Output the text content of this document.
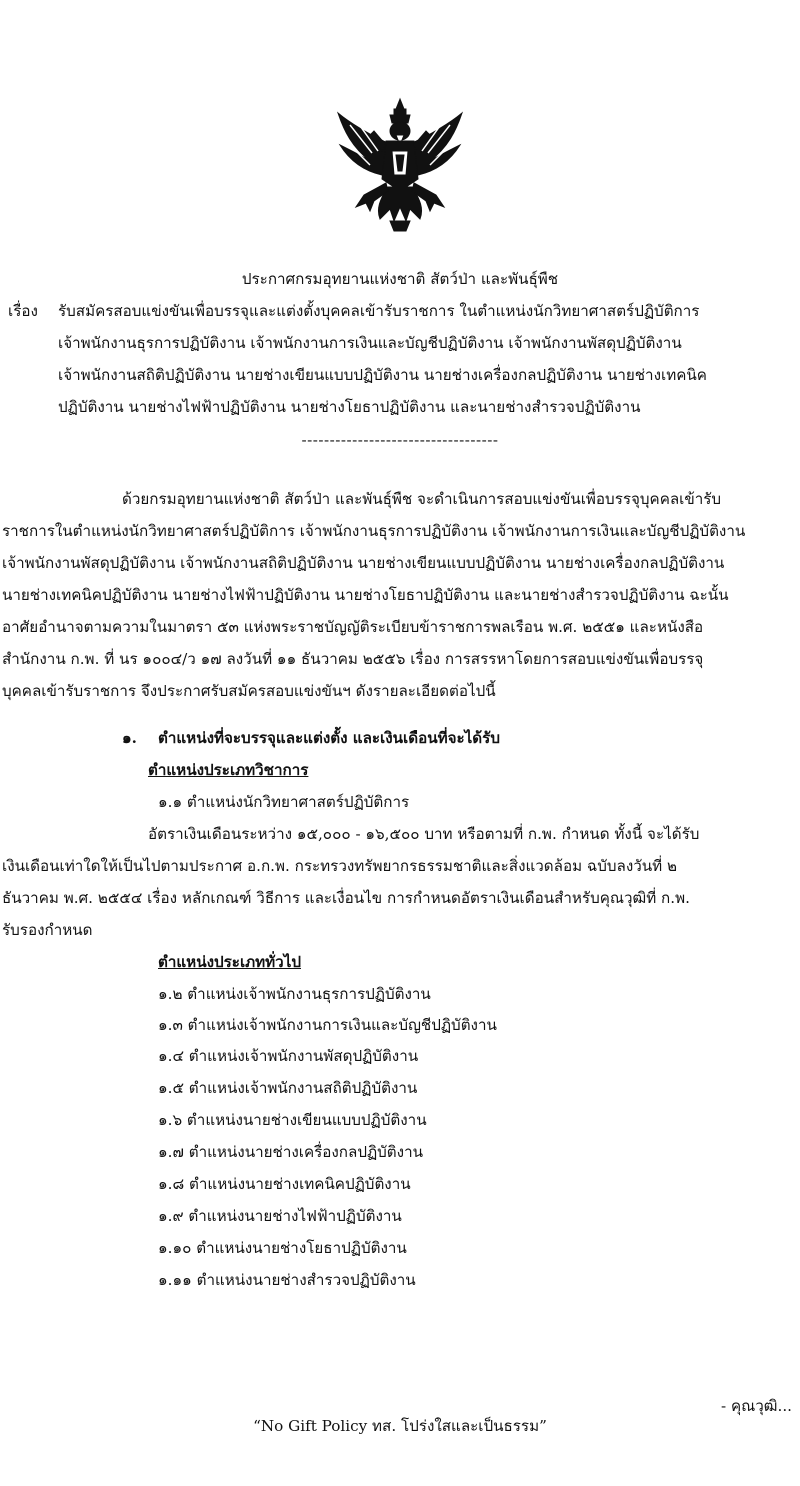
ประกาศกรมอุทยานแห่งชาติ สัตว์ป่า และพันธุ์พืช
เรื่อง รับสมัครสอบแข่งขันเพื่อบรรจุและแต่งตั้งบุคคลเข้ารับราชการ ในตำแหน่งนักวิทยาศาสตร์ปฏิบัติการ
เจ้าพนักงานธุรการปฏิบัติงาน เจ้าพนักงานการเงินและบัญชีปฏิบัติงาน เจ้าพนักงานพัสดุปฏิบัติงาน
เจ้าพนักงานสถิติปฏิบัติงาน นายช่างเขียนแบบปฏิบัติงาน นายช่างเครื่องกลปฏิบัติงาน นายช่างเทคนิค
ปฏิบัติงาน นายช่างไฟฟ้าปฏิบัติงาน นายช่างโยธาปฏิบัติงาน และนายช่างสำรวจปฏิบัติงาน
-----------------------------------
ด้วยกรมอุทยานแห่งชาติ สัตว์ป่า และพันธุ์พืช จะดำเนินการสอบแข่งขันเพื่อบรรจุบุคคลเข้ารับ
ราชการในตำแหน่งนักวิทยาศาสตร์ปฏิบัติการ เจ้าพนักงานธุรการปฏิบัติงาน เจ้าพนักงานการเงินและบัญชีปฏิบัติงาน
เจ้าพนักงานพัสดุปฏิบัติงาน เจ้าพนักงานสถิติปฏิบัติงาน นายช่างเขียนแบบปฏิบัติงาน นายช่างเครื่องกลปฏิบัติงาน
นายช่างเทคนิคปฏิบัติงาน นายช่างไฟฟ้าปฏิบัติงาน นายช่างโยธาปฏิบัติงาน และนายช่างสำรวจปฏิบัติงาน ฉะนั้น
อาศัยอำนาจตามความในมาตรา ๕๓ แห่งพระราชบัญญัติระเบียบข้าราชการพลเรือน พ.ศ. ๒๕๕๑ และหนังสือ
สำนักงาน ก.พ. ที่ นร ๑๐๐๔/ว ๑๗ ลงวันที่ ๑๑ ธันวาคม ๒๕๕๖ เรื่อง การสรรหาโดยการสอบแข่งขันเพื่อบรรจุ
บุคคลเข้ารับราชการ จึงประกาศรับสมัครสอบแข่งขันฯ ดังรายละเอียดต่อไปนี้
๑. ตำแหน่งที่จะบรรจุและแต่งตั้ง และเงินเดือนที่จะได้รับ
ตำแหน่งประเภทวิชาการ
๑.๑ ตำแหน่งนักวิทยาศาสตร์ปฏิบัติการ
อัตราเงินเดือนระหว่าง ๑๕,๐๐๐ - ๑๖,๕๐๐ บาท หรือตามที่ ก.พ. กำหนด ทั้งนี้ จะได้รับ
เงินเดือนเท่าใดให้เป็นไปตามประกาศ อ.ก.พ. กระทรวงทรัพยากรธรรมชาติและสิ่งแวดล้อม ฉบับลงวันที่ ๒
ธันวาคม พ.ศ. ๒๕๕๔ เรื่อง หลักเกณฑ์ วิธีการ และเงื่อนไข การกำหนดอัตราเงินเดือนสำหรับคุณวุฒิที่ ก.พ.
รับรองกำหนด
ตำแหน่งประเภททั่วไป
๑.๒ ตำแหน่งเจ้าพนักงานธุรการปฏิบัติงาน
๑.๓ ตำแหน่งเจ้าพนักงานการเงินและบัญชีปฏิบัติงาน
๑.๔ ตำแหน่งเจ้าพนักงานพัสดุปฏิบัติงาน
๑.๕ ตำแหน่งเจ้าพนักงานสถิติปฏิบัติงาน
๑.๖ ตำแหน่งนายช่างเขียนแบบปฏิบัติงาน
๑.๗ ตำแหน่งนายช่างเครื่องกลปฏิบัติงาน
๑.๘ ตำแหน่งนายช่างเทคนิคปฏิบัติงาน
๑.๙ ตำแหน่งนายช่างไฟฟ้าปฏิบัติงาน
๑.๑๐ ตำแหน่งนายช่างโยธาปฏิบัติงาน
๑.๑๑ ตำแหน่งนายช่างสำรวจปฏิบัติงาน
- คุณวุฒิ...
“No Gift Policy ทส. โปร่งใสและเป็นธรรม”
